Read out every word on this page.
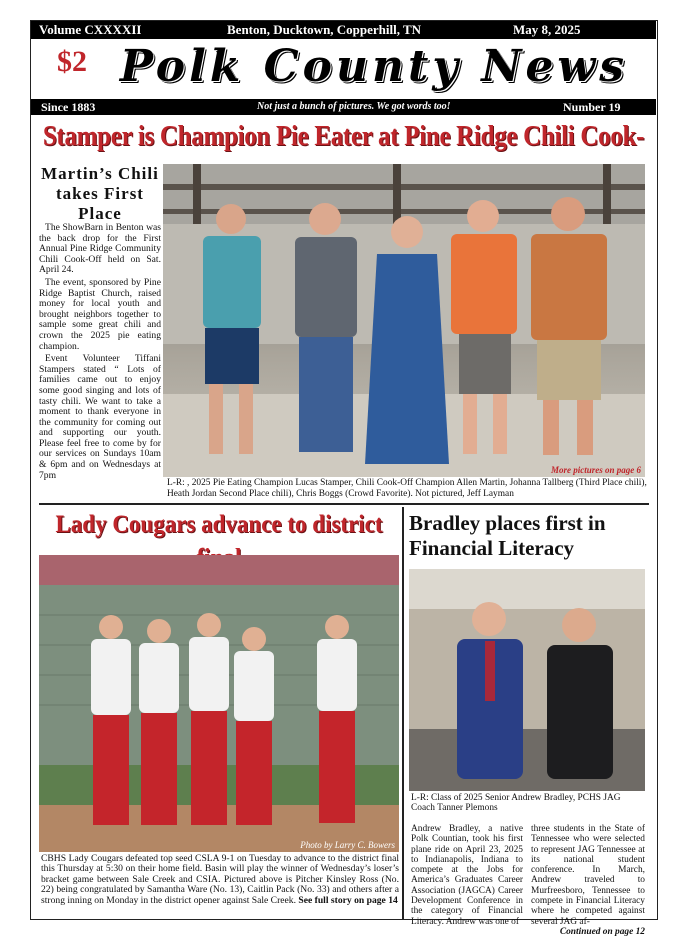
Volume CXXXXII	Benton, Ducktown, Copperhill, TN	May 8, 2025
$2 Polk County News
Since 1883	Not just a bunch of pictures. We got words too!	Number 19
Stamper is Champion Pie Eater at Pine Ridge Chili Cook-
Martin’s Chili takes First Place

The ShowBarn in Benton was the back drop for the First Annual Pine Ridge Community Chili Cook-Off held on Sat. April 24.

The event, sponsored by Pine Ridge Baptist Church, raised money for local youth and brought neighbors together to sample some great chili and crown the 2025 pie eating champion.

Event Volunteer Tiffani Stampers stated “ Lots of families came out to enjoy some good singing and lots of tasty chili. We want to take a moment to thank everyone in the community for coming out and supporting our youth. Please feel free to come by for our services on Sundays 10am & 6pm and on Wednesdays at 7pm	More pictures on page 6
L-R: , 2025 Pie Eating Champion Lucas Stamper, Chili Cook-Off Champion Allen Martin, Johanna Tallberg (Third Place chili), Heath Jordan Second Place chili), Chris Boggs (Crowd Favorite). Not pictured, Jeff Layman
Lady Cougars advance to district
Photo by Larry C. Bowers
CBHS Lady Cougars defeated top seed CSLA 9-1 on Tuesday to advance to the district final this Thursday at 5:30 on their home field. Basin will play the winner of Wednesday’s loser’s bracket game between Sale Creek and CSIA. Pictured above is Pitcher Kinsley Ross (No. 22) being congratulated by Samantha Ware (No. 13), Caitlin Pack (No. 33) and others after a strong inning on Monday in the district opener against Sale Creek. See full story on page 14
Bradley places first in Financial Literacy
L-R: Class of 2025 Senior Andrew Bradley, PCHS JAG Coach Tanner Plemons
Andrew Bradley, a native Polk Countian, took his first plane ride on April 23, 2025 to Indianapolis, Indiana to compete at the Jobs for America’s Graduates Career Association (JAGCA) Career Development Conference in the category of Financial Literacy. Andrew was one of
three students in the State of Tennessee who were selected to represent JAG Tennessee at its national student conference. In March, Andrew traveled to Murfreesboro, Tennessee to compete in Financial Literacy where he competed against several JAG af-
Continued on page 12
